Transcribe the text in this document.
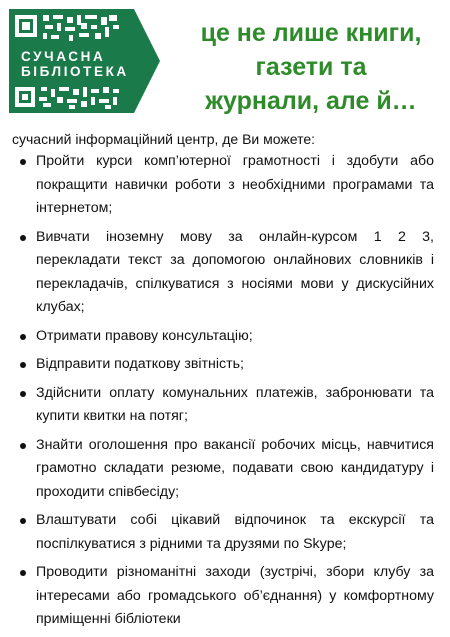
СУЧАСНА
БІБЛІОТЕКА
це не лише книги,
газети та
журнали, але й…
сучасний інформаційний центр, де Ви можете:
Пройти курси комп’ютерної грамотності і здобути або покращити навички роботи з необхідними програмами та інтернетом;
Вивчати іноземну мову за онлайн-курсом 1 2 3, перекладати текст за допомогою онлайнових словників і перекладачів, спілкуватися з носіями мови у дискусійних клубах;
Отримати правову консультацію;
Відправити податкову звітність;
Здійснити оплату комунальних платежів, забронювати та купити квитки на потяг;
Знайти оголошення про вакансії робочих місць, навчитися грамотно складати резюме, подавати свою кандидатуру і проходити співбесіду;
Влаштувати собі цікавий відпочинок та екскурсії та поспілкуватися з рідними та друзями по Skype;
Проводити різноманітні заходи (зустрічі, збори клубу за інтересами або громадського об’єднання) у комфортному приміщенні бібліотеки
